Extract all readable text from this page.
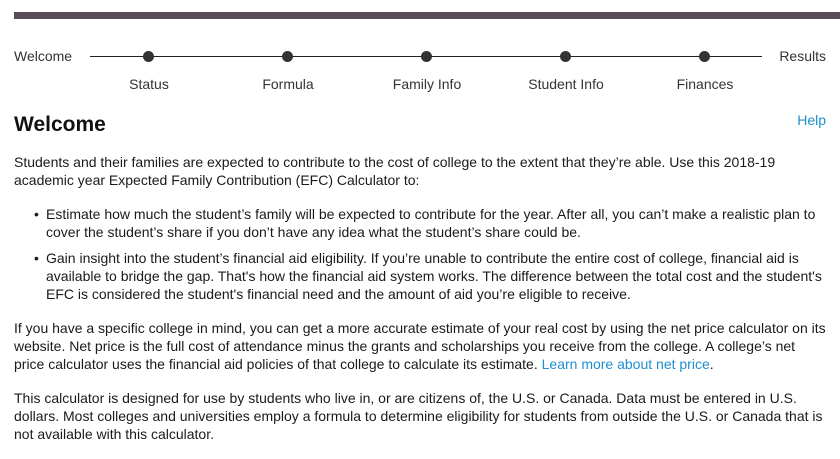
Welcome	Results
Status	Formula	Family Info	Student Info	Finances
Welcome	Help

Students and their families are expected to contribute to the cost of college to the extent that they’re able. Use this 2018-19 academic year Expected Family Contribution (EFC) Calculator to:

• Estimate how much the student’s family will be expected to contribute for the year. After all, you can’t make a realistic plan to cover the student’s share if you don’t have any idea what the student’s share could be.
• Gain insight into the student’s financial aid eligibility. If you’re unable to contribute the entire cost of college, financial aid is available to bridge the gap. That's how the financial aid system works. The difference between the total cost and the student's EFC is considered the student's financial need and the amount of aid you’re eligible to receive.

If you have a specific college in mind, you can get a more accurate estimate of your real cost by using the net price calculator on its website. Net price is the full cost of attendance minus the grants and scholarships you receive from the college. A college’s net price calculator uses the financial aid policies of that college to calculate its estimate. Learn more about net price.

This calculator is designed for use by students who live in, or are citizens of, the U.S. or Canada. Data must be entered in U.S. dollars. Most colleges and universities employ a formula to determine eligibility for students from outside the U.S. or Canada that is not available with this calculator.
